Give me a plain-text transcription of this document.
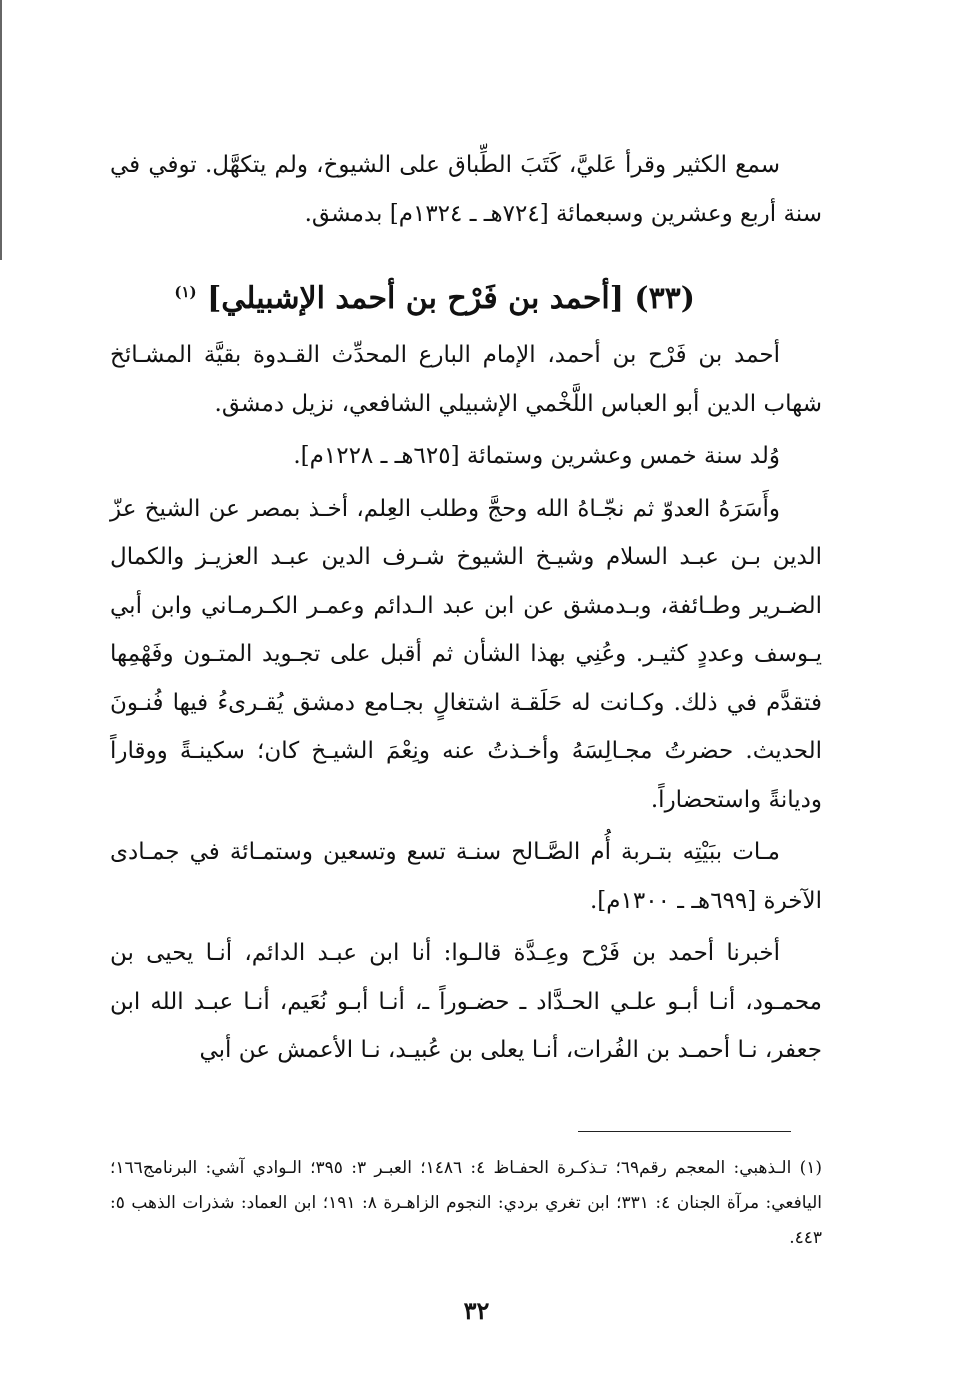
سمع الكثير وقرأ عَليَّ، كَتَبَ الطِّباق على الشيوخ، ولم يتكهَّل. توفي في سنة أربع وعشرين وسبعمائة [٧٢٤هـ ـ ١٣٢٤م] بدمشق.

(٣٣) [أحمد بن فَرْح بن أحمد الإشبيلي] $^{(١)}$

أحمد بن فَرْح بن أحمد، الإمام البارع المحدِّث القـدوة بقيَّة المشـائخ شهاب الدين أبو العباس اللَّخْمي الإشبيلي الشافعي، نزيل دمشق.

وُلد سنة خمس وعشرين وستمائة [٦٢٥هـ ـ ١٢٢٨م].

وأَسَرَهُ العدوّ ثم نجّـاهُ الله وحجَّ وطلب العِلم، أخـذ بمصر عن الشيخ عزّ الدين بـن عبـد السلام وشيـخ الشيوخ شـرف الدين عبـد العزيـز والكمال الضـرير وطـائفة، وبـدمشق عن ابن عبد الـدائم وعمـر الكـرمـاني وابن أبي يـوسف وعددٍ كثيـر. وعُنِي بهذا الشأن ثم أقبل على تجـويد المتـون وفَهْمِها فتقدَّم في ذلك. وكـانت له حَلَقـة اشتغالٍ بجـامع دمشق يُقـرىءُ فيها فُنـونَ الحديث. حضرتُ مجـالِسَهُ وأخـذتُ عنه ونِعْمَ الشيـخ كان؛ سكينـةً ووقاراً وديانةً واستحضاراً.

مـات ببَيْتِه بتـربة أُم الصَّـالح سنـة تسع وتسعين وستمـائة في جمـادى الآخرة [٦٩٩هـ ـ ١٣٠٠م].

أخبرنا أحمد بن فَرْح وعِـدَّة قالـوا: أنا ابن عبـد الدائم، أنـا يحيى بن محمـود، أنـا أبـو علـي الحـدَّاد ـ حضـوراً ـ، أنـا أبـو نُعَيم، أنـا عبـد الله ابن جعفر، نـا أحمـد بن الفُرات، أنـا يعلى بن عُبيـد، نـا الأعمش عن أبي

(١) الـذهبي: المعجم رقم٦٩؛ تـذكـرة الحفـاظ ٤: ١٤٨٦؛ العبـر ٣: ٣٩٥؛ الـوادي آشي: البرنامج١٦٦؛ اليافعي: مرآة الجنان ٤: ٣٣١؛ ابن تغري بردي: النجوم الزاهـرة ٨: ١٩١؛ ابن العماد: شذرات الذهب ٥: ٤٤٣.

٣٢
